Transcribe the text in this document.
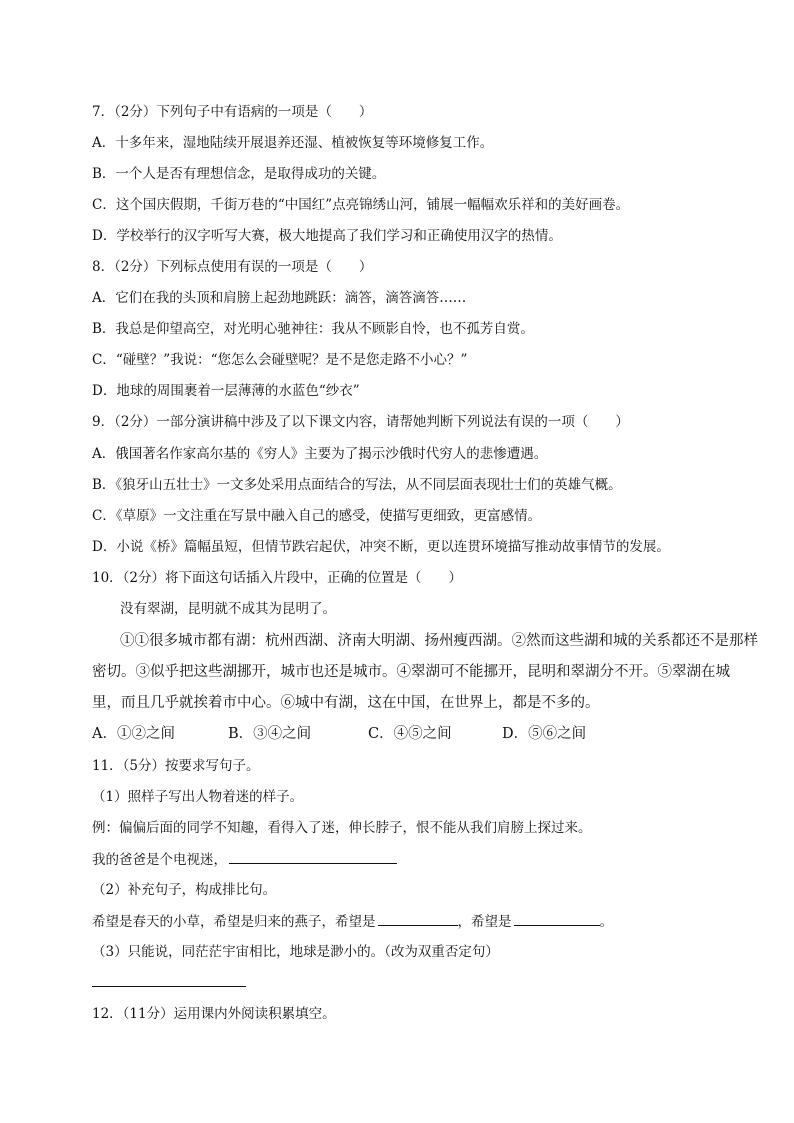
7．（2分）下列句子中有语病的一项是（　　）
A．十多年来，湿地陆续开展退养还湿、植被恢复等环境修复工作。
B．一个人是否有理想信念，是取得成功的关键。
C．这个国庆假期，千街万巷的“中国红”点亮锦绣山河，铺展一幅幅欢乐祥和的美好画卷。
D．学校举行的汉字听写大赛，极大地提高了我们学习和正确使用汉字的热情。
8．（2分）下列标点使用有误的一项是（　　）
A．它们在我的头顶和肩膀上起劲地跳跃：滴答，滴答滴答……
B．我总是仰望高空，对光明心驰神往：我从不顾影自怜，也不孤芳自赏。
C．“碰壁？”我说：“您怎么会碰壁呢？是不是您走路不小心？”
D．地球的周围裹着一层薄薄的水蓝色“纱衣”
9．（2分）一部分演讲稿中涉及了以下课文内容，请帮她判断下列说法有误的一项（　　）
A．俄国著名作家高尔基的《穷人》主要为了揭示沙俄时代穷人的悲惨遭遇。
B．《狼牙山五壮士》一文多处采用点面结合的写法，从不同层面表现壮士们的英雄气概。
C．《草原》一文注重在写景中融入自己的感受，使描写更细致，更富感情。
D．小说《桥》篇幅虽短，但情节跌宕起伏，冲突不断，更以连贯环境描写推动故事情节的发展。
10．（2分）将下面这句话插入片段中，正确的位置是（　　）
没有翠湖，昆明就不成其为昆明了。
①①很多城市都有湖：杭州西湖、济南大明湖、扬州瘦西湖。②然而这些湖和城的关系都还不是那样
密切。③似乎把这些湖挪开，城市也还是城市。④翠湖可不能挪开，昆明和翠湖分不开。⑤翠湖在城
里，而且几乎就挨着市中心。⑥城中有湖，这在中国，在世界上，都是不多的。
A．①②之间	B．③④之间	C．④⑤之间	D．⑤⑥之间
11．（5分）按要求写句子。
（1）照样子写出人物着迷的样子。
例：偏偏后面的同学不知趣，看得入了迷，伸长脖子，恨不能从我们肩膀上探过来。
我的爸爸是个电视迷，
（2）补充句子，构成排比句。
希望是春天的小草，希望是归来的燕子，希望是	，希望是	。
（3）只能说，同茫茫宇宙相比，地球是渺小的。（改为双重否定句）
12．（11分）运用课内外阅读积累填空。
